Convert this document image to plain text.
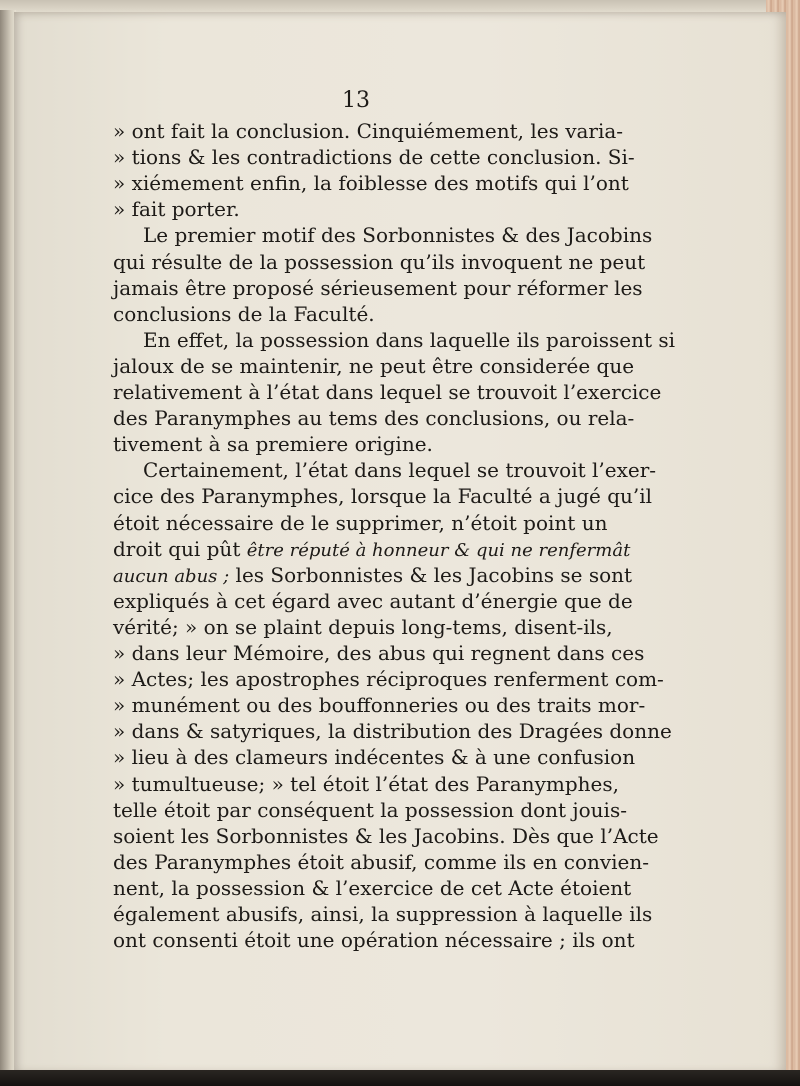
13
» ont fait la conclusion. Cinquiémement, les varia-
» tions & les contradictions de cette conclusion. Si-
» xiémement enfin, la foiblesse des motifs qui l’ont
» fait porter.
Le premier motif des Sorbonnistes & des Jacobins
qui résulte de la possession qu’ils invoquent ne peut
jamais être proposé sérieusement pour réformer les
conclusions de la Faculté.
En effet, la possession dans laquelle ils paroissent si
jaloux de se maintenir, ne peut être considerée que
relativement à l’état dans lequel se trouvoit l’exercice
des Paranymphes au tems des conclusions, ou rela-
tivement à sa premiere origine.
Certainement, l’état dans lequel se trouvoit l’exer-
cice des Paranymphes, lorsque la Faculté a jugé qu’il
étoit nécessaire de le supprimer, n’étoit point un
droit qui pût être réputé à honneur & qui ne renfermât
aucun abus ; les Sorbonnistes & les Jacobins se sont
expliqués à cet égard avec autant d’énergie que de
vérité; » on se plaint depuis long-tems, disent-ils,
» dans leur Mémoire, des abus qui regnent dans ces
» Actes; les apostrophes réciproques renferment com-
» munément ou des bouffonneries ou des traits mor-
» dans & satyriques, la distribution des Dragées donne
» lieu à des clameurs indécentes & à une confusion
» tumultueuse; » tel étoit l’état des Paranymphes,
telle étoit par conséquent la possession dont jouis-
soient les Sorbonnistes & les Jacobins. Dès que l’Acte
des Paranymphes étoit abusif, comme ils en convien-
nent, la possession & l’exercice de cet Acte étoient
également abusifs, ainsi, la suppression à laquelle ils
ont consenti étoit une opération nécessaire ; ils ont
